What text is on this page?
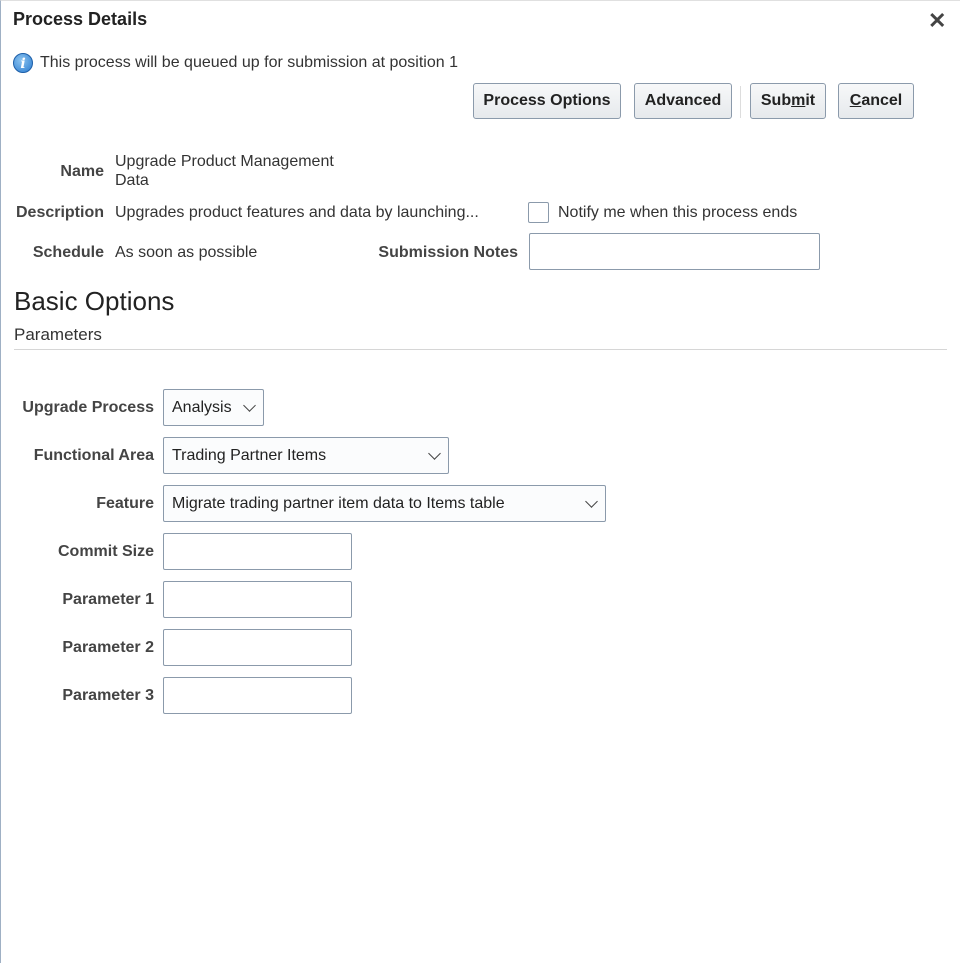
Process Details	✕
i This process will be queued up for submission at position 1
Process Options	Advanced	Sub m it C ancel
Name
Upgrade Product Management
Data
Description Upgrades product features and data by launching...	Notify me when this process ends
Schedule As soon as possible	Submission Notes
Basic Options
Parameters
Upgrade Process	Analysis
Functional Area	Trading Partner Items
Feature	Migrate trading partner item data to Items table
Commit Size
Parameter 1
Parameter 2
Parameter 3
